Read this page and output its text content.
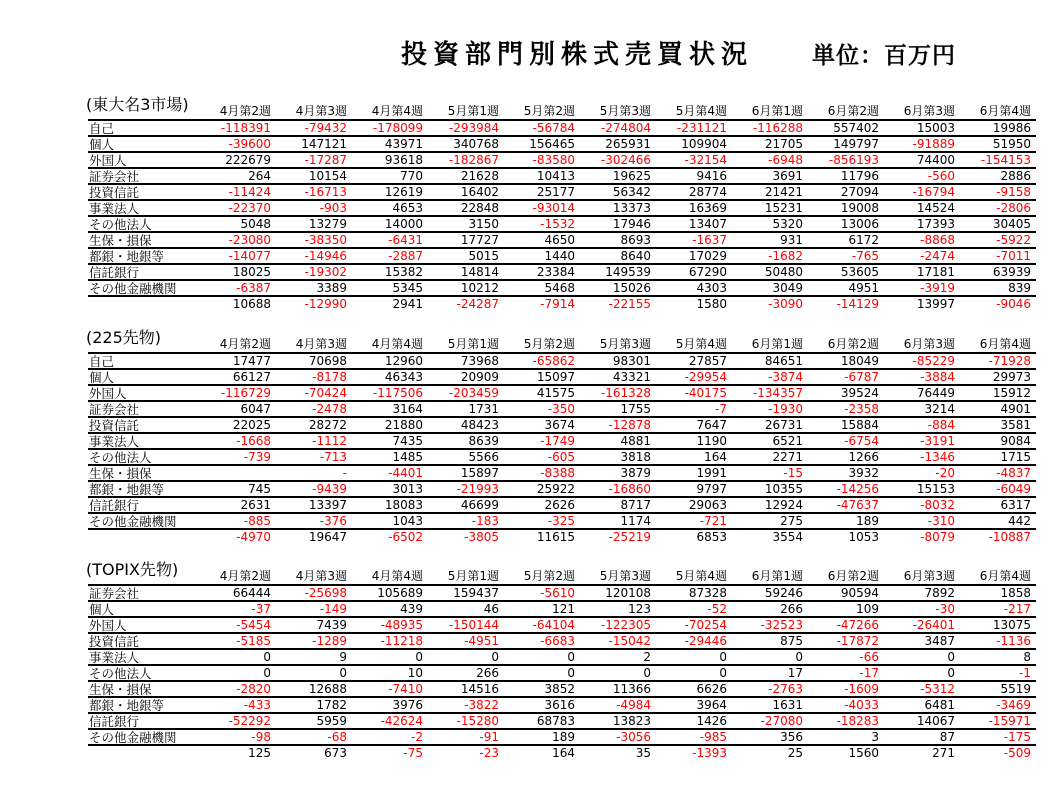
投資部門別株式売買状況	単位：百万円
(東大名3市場)
		4月第2週	4月第3週	4月第4週	5月第1週	5月第2週	5月第3週	5月第4週	6月第1週	6月第2週	6月第3週	6月第4週
自己	-118391	-79432	-178099	-293984	-56784	-274804	-231121	-116288	557402	15003	19986
個人	-39600	147121	43971	340768	156465	265931	109904	21705	149797	-91889	51950
外国人	222679	-17287	93618	-182867	-83580	-302466	-32154	-6948	-856193	74400	-154153
証券会社	264	10154	770	21628	10413	19625	9416	3691	11796	-560	2886
投資信託	-11424	-16713	12619	16402	25177	56342	28774	21421	27094	-16794	-9158
事業法人	-22370	-903	4653	22848	-93014	13373	16369	15231	19008	14524	-2806
その他法人	5048	13279	14000	3150	-1532	17946	13407	5320	13006	17393	30405
生保・損保	-23080	-38350	-6431	17727	4650	8693	-1637	931	6172	-8868	-5922
都銀・地銀等	-14077	-14946	-2887	5015	1440	8640	17029	-1682	-765	-2474	-7011
信託銀行	18025	-19302	15382	14814	23384	149539	67290	50480	53605	17181	63939
その他金融機関	-6387	3389	5345	10212	5468	15026	4303	3049	4951	-3919	839
	10688	-12990	2941	-24287	-7914	-22155	1580	-3090	-14129	13997	-9046
(225先物)
		4月第2週	4月第3週	4月第4週	5月第1週	5月第2週	5月第3週	5月第4週	6月第1週	6月第2週	6月第3週	6月第4週
自己	17477	70698	12960	73968	-65862	98301	27857	84651	18049	-85229	-71928
個人	66127	-8178	46343	20909	15097	43321	-29954	-3874	-6787	-3884	29973
外国人	-116729	-70424	-117506	-203459	41575	-161328	-40175	-134357	39524	76449	15912
証券会社	6047	-2478	3164	1731	-350	1755	-7	-1930	-2358	3214	4901
投資信託	22025	28272	21880	48423	3674	-12878	7647	26731	15884	-884	3581
事業法人	-1668	-1112	7435	8639	-1749	4881	1190	6521	-6754	-3191	9084
その他法人	-739	-713	1485	5566	-605	3818	164	2271	1266	-1346	1715
生保・損保		-	-4401	15897	-8388	3879	1991	-15	3932	-20	-4837
都銀・地銀等	745	-9439	3013	-21993	25922	-16860	9797	10355	-14256	15153	-6049
信託銀行	2631	13397	18083	46699	2626	8717	29063	12924	-47637	-8032	6317
その他金融機関	-885	-376	1043	-183	-325	1174	-721	275	189	-310	442
	-4970	19647	-6502	-3805	11615	-25219	6853	3554	1053	-8079	-10887
(TOPIX先物)
		4月第2週	4月第3週	4月第4週	5月第1週	5月第2週	5月第3週	5月第4週	6月第1週	6月第2週	6月第3週	6月第4週
証券会社	66444	-25698	105689	159437	-5610	120108	87328	59246	90594	7892	1858
個人	-37	-149	439	46	121	123	-52	266	109	-30	-217
外国人	-5454	7439	-48935	-150144	-64104	-122305	-70254	-32523	-47266	-26401	13075
投資信託	-5185	-1289	-11218	-4951	-6683	-15042	-29446	875	-17872	3487	-1136
事業法人	0	9	0	0	0	2	0	0	-66	0	8
その他法人	0	0	10	266	0	0	0	17	-17	0	-1
生保・損保	-2820	12688	-7410	14516	3852	11366	6626	-2763	-1609	-5312	5519
都銀・地銀等	-433	1782	3976	-3822	3616	-4984	3964	1631	-4033	6481	-3469
信託銀行	-52292	5959	-42624	-15280	68783	13823	1426	-27080	-18283	14067	-15971
その他金融機関	-98	-68	-2	-91	189	-3056	-985	356	3	87	-175
	125	673	-75	-23	164	35	-1393	25	1560	271	-509
